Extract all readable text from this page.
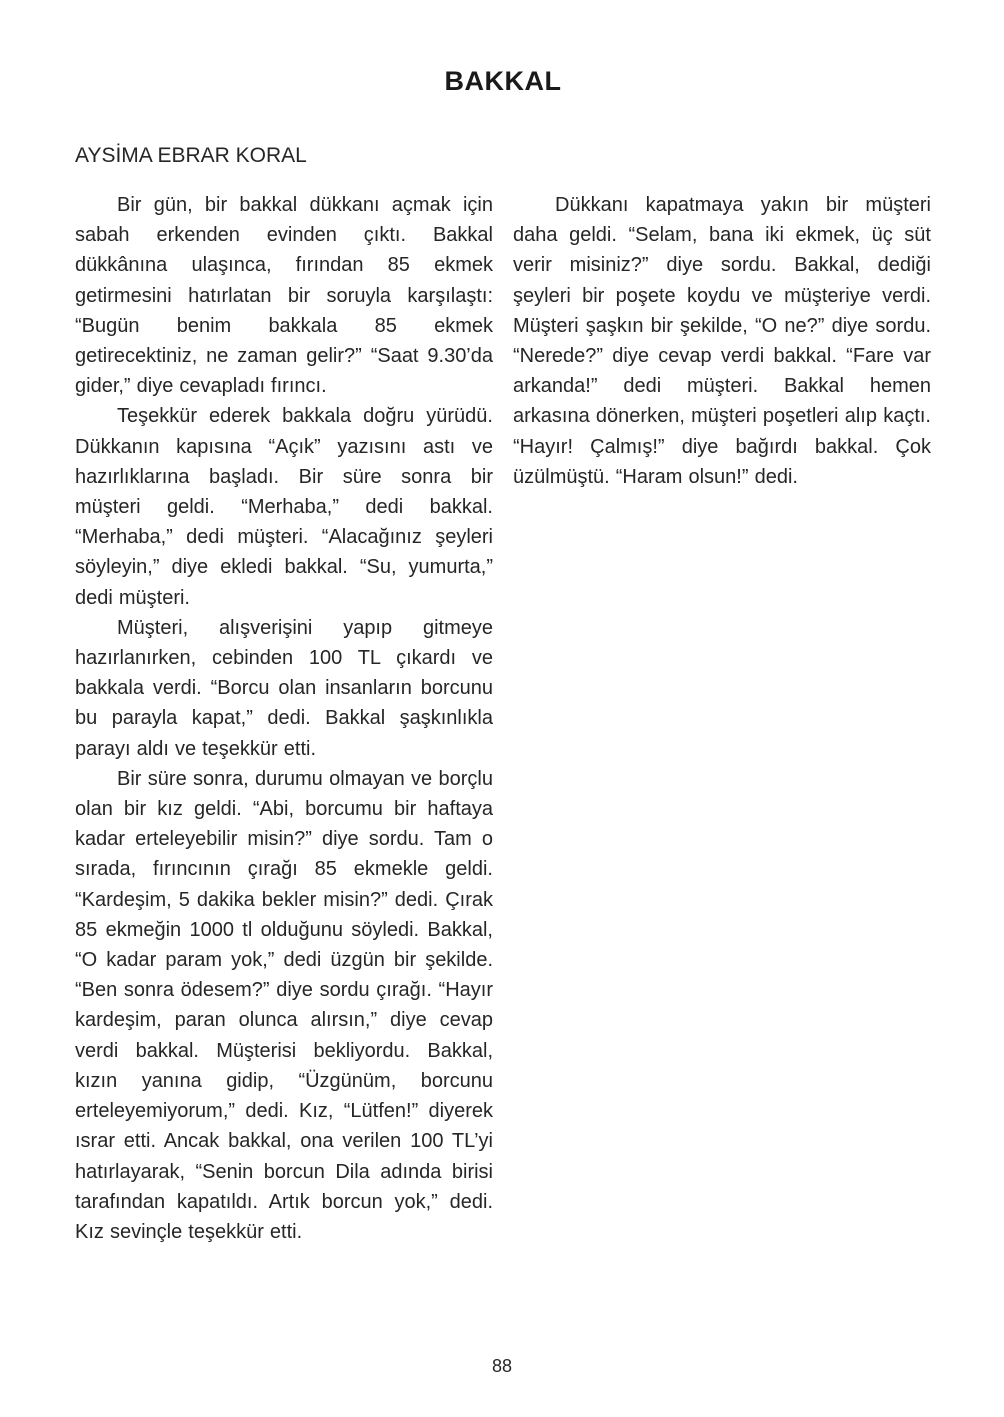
BAKKAL
AYSİMA EBRAR KORAL

Bir gün, bir bakkal dükkanı açmak için sabah erkenden evinden çıktı. Bakkal dükkânına ulaşınca, fırından 85 ekmek getirmesini hatırlatan bir soruyla karşılaştı: “Bugün benim bakkala 85 ekmek getirecektiniz, ne zaman gelir?” “Saat 9.30’da gider,” diye cevapladı fırıncı.

Teşekkür ederek bakkala doğru yürüdü. Dükkanın kapısına “Açık” yazısını astı ve hazırlıklarına başladı. Bir süre sonra bir müşteri geldi. “Merhaba,” dedi bakkal. “Merhaba,” dedi müşteri. “Alacağınız şeyleri söyleyin,” diye ekledi bakkal. “Su, yumurta,” dedi müşteri.

Müşteri, alışverişini yapıp gitmeye hazırlanırken, cebinden 100 TL çıkardı ve bakkala verdi. “Borcu olan insanların borcunu bu parayla kapat,” dedi. Bakkal şaşkınlıkla parayı aldı ve teşekkür etti.

Bir süre sonra, durumu olmayan ve borçlu olan bir kız geldi. “Abi, borcumu bir haftaya kadar erteleyebilir misin?” diye sordu. Tam o sırada, fırıncının çırağı 85 ekmekle geldi. “Kardeşim, 5 dakika bekler misin?” dedi. Çırak 85 ekmeğin 1000 tl olduğunu söyledi. Bakkal, “O kadar param yok,” dedi üzgün bir şekilde. “Ben sonra ödesem?” diye sordu çırağı. “Hayır kardeşim, paran olunca alırsın,” diye cevap verdi bakkal. Müşterisi bekliyordu. Bakkal, kızın yanına gidip, “Üzgünüm, borcunu erteleyemiyorum,” dedi. Kız, “Lütfen!” diyerek ısrar etti. Ancak bakkal, ona verilen 100 TL’yi hatırlayarak, “Senin borcun Dila adında birisi tarafından kapatıldı. Artık borcun yok,” dedi. Kız sevinçle teşekkür etti.

Dükkanı kapatmaya yakın bir müşteri daha geldi. “Selam, bana iki ekmek, üç süt verir misiniz?” diye sordu. Bakkal, dediği şeyleri bir poşete koydu ve müşteriye verdi. Müşteri şaşkın bir şekilde, “O ne?” diye sordu. “Nerede?” diye cevap verdi bakkal. “Fare var arkanda!” dedi müşteri. Bakkal hemen arkasına dönerken, müşteri poşetleri alıp kaçtı. “Hayır! Çalmış!” diye bağırdı bakkal. Çok üzülmüştü. “Haram olsun!” dedi.

88
